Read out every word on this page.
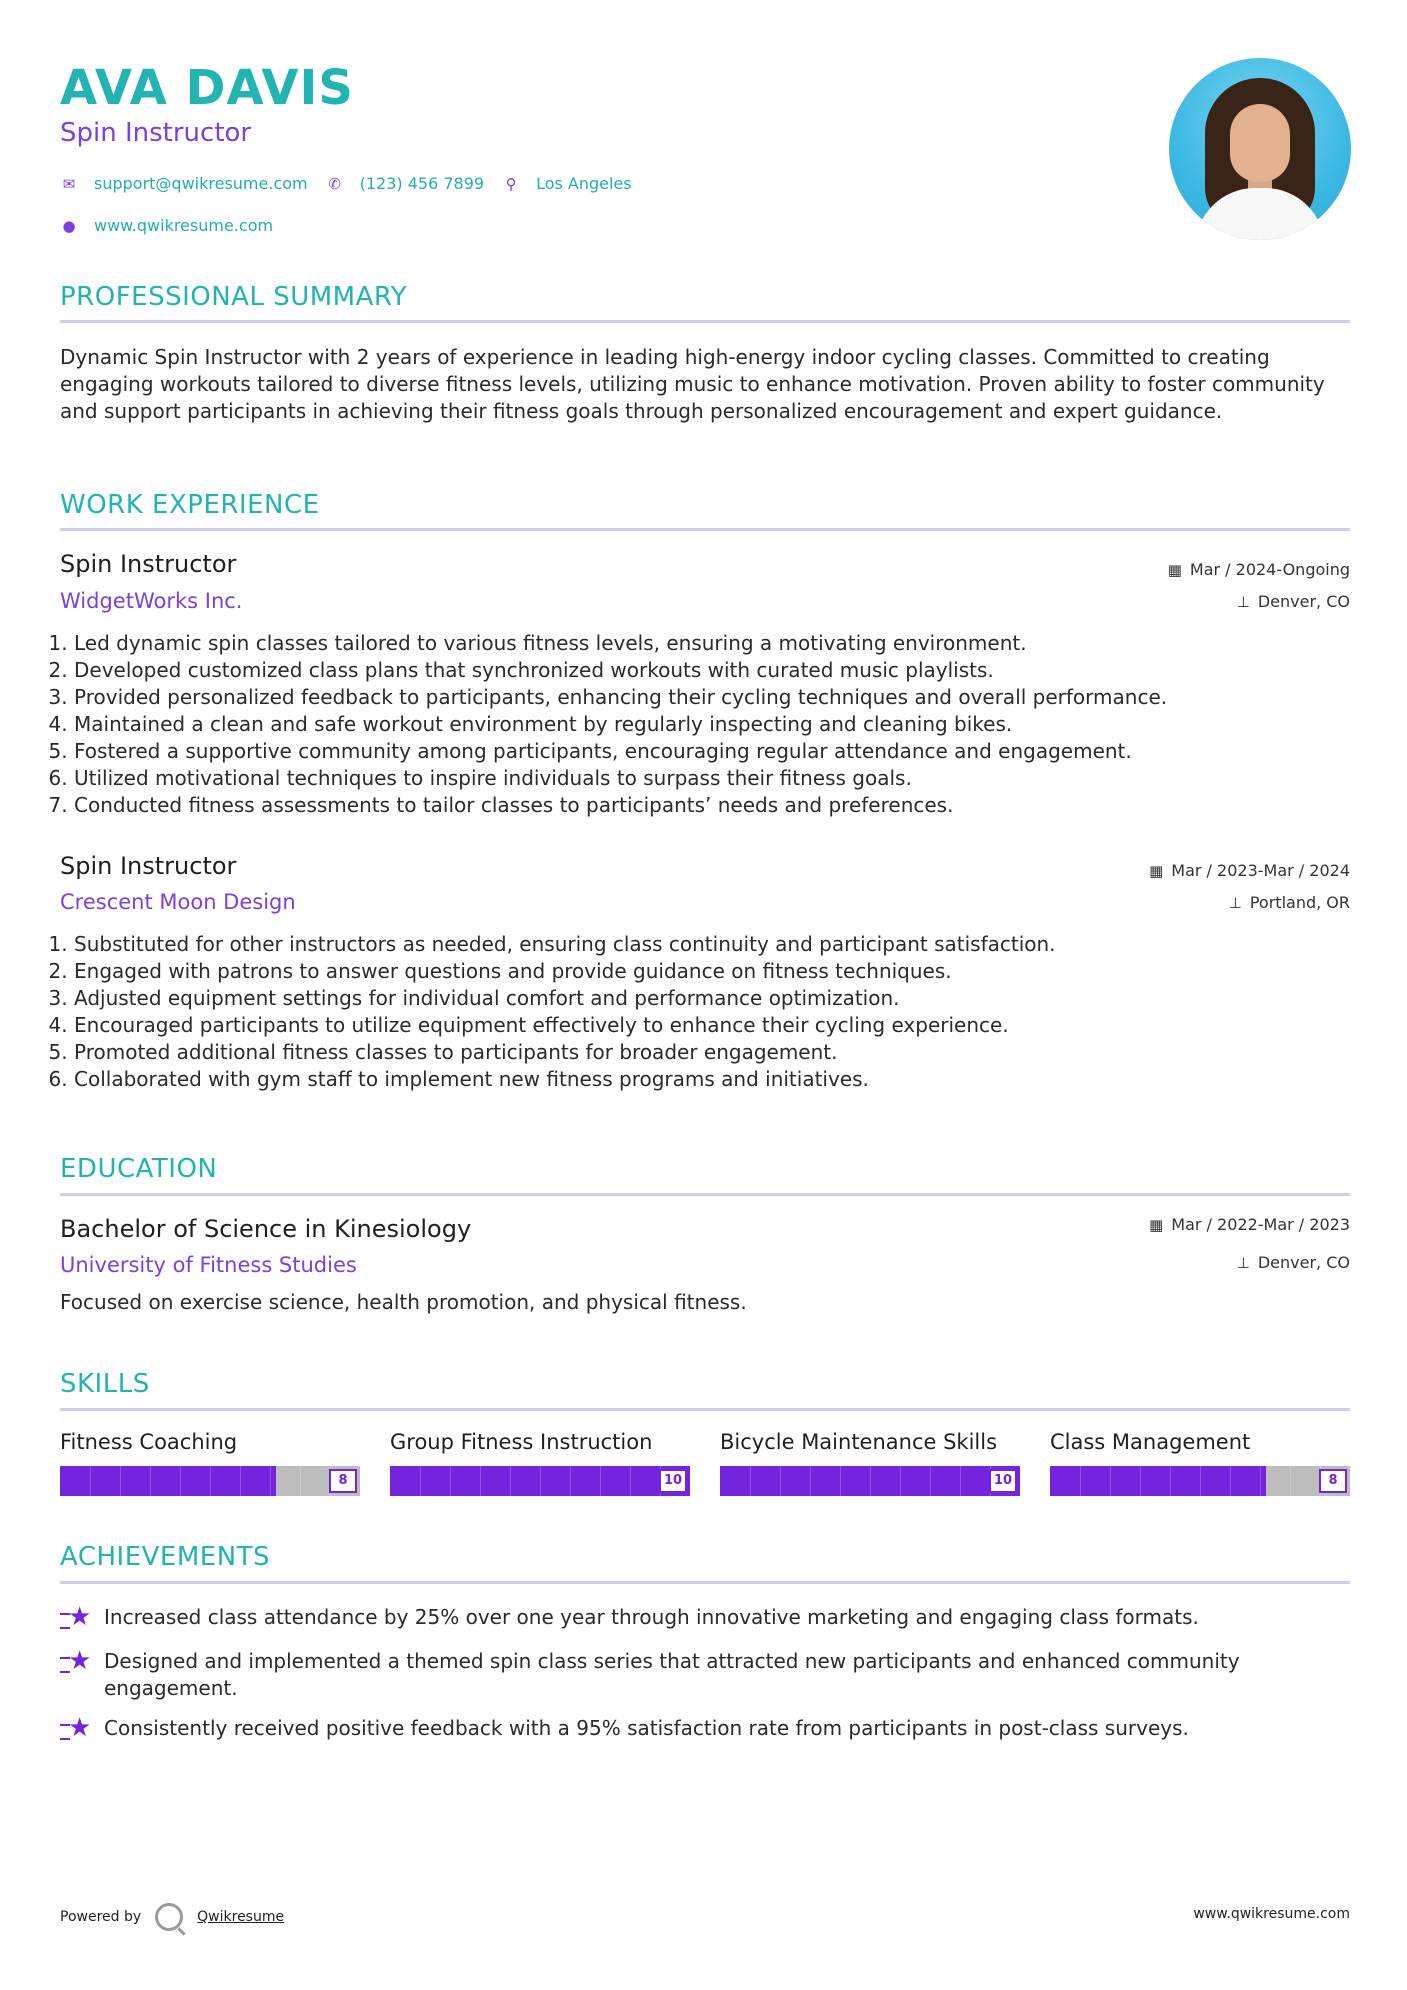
AVA DAVIS
Spin Instructor
✉ support@qwikresume.com ✆ (123) 456 7899 ⚲ Los Angeles
● www.qwikresume.com
PROFESSIONAL SUMMARY
Dynamic Spin Instructor with 2 years of experience in leading high-energy indoor cycling classes. Committed to creating engaging workouts tailored to diverse fitness levels, utilizing music to enhance motivation. Proven ability to foster community and support participants in achieving their fitness goals through personalized encouragement and expert guidance.
WORK EXPERIENCE
Spin Instructor
WidgetWorks Inc.
▦ Mar / 2024-Ongoing
⊥ Denver, CO
1. Led dynamic spin classes tailored to various fitness levels, ensuring a motivating environment.
2. Developed customized class plans that synchronized workouts with curated music playlists.
3. Provided personalized feedback to participants, enhancing their cycling techniques and overall performance.
4. Maintained a clean and safe workout environment by regularly inspecting and cleaning bikes.
5. Fostered a supportive community among participants, encouraging regular attendance and engagement.
6. Utilized motivational techniques to inspire individuals to surpass their fitness goals.
7. Conducted fitness assessments to tailor classes to participants’ needs and preferences.
Spin Instructor
Crescent Moon Design
▦ Mar / 2023-Mar / 2024
⊥ Portland, OR
1. Substituted for other instructors as needed, ensuring class continuity and participant satisfaction.
2. Engaged with patrons to answer questions and provide guidance on fitness techniques.
3. Adjusted equipment settings for individual comfort and performance optimization.
4. Encouraged participants to utilize equipment effectively to enhance their cycling experience.
5. Promoted additional fitness classes to participants for broader engagement.
6. Collaborated with gym staff to implement new fitness programs and initiatives.
EDUCATION
Bachelor of Science in Kinesiology
University of Fitness Studies
▦ Mar / 2022-Mar / 2023
⊥ Denver, CO
Focused on exercise science, health promotion, and physical fitness.
SKILLS
Fitness Coaching
8
Group Fitness Instruction
10
Bicycle Maintenance Skills
10
Class Management
8
ACHIEVEMENTS
★ Increased class attendance by 25% over one year through innovative marketing and engaging class formats.
★ Designed and implemented a themed spin class series that attracted new participants and enhanced community engagement.
★ Consistently received positive feedback with a 95% satisfaction rate from participants in post-class surveys.
Powered by	Qwikresume	www.qwikresume.com
